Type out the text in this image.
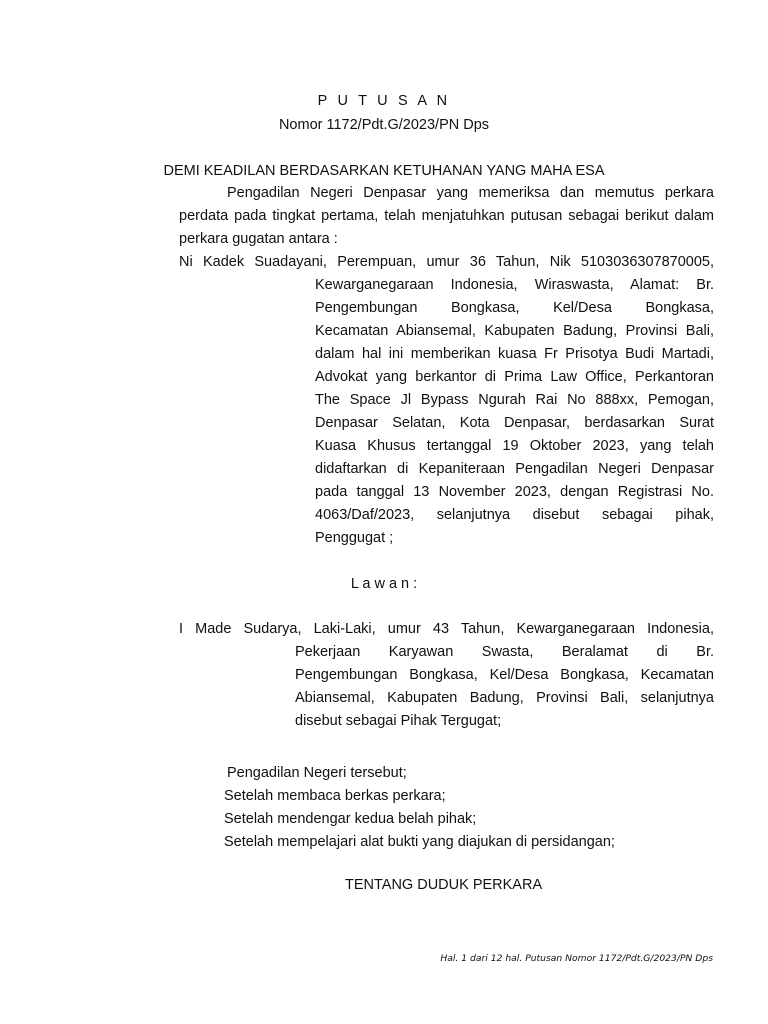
P U T U S A N
Nomor 1172/Pdt.G/2023/PN Dps
DEMI KEADILAN BERDASARKAN KETUHANAN YANG MAHA ESA
Pengadilan Negeri Denpasar yang memeriksa dan memutus perkara
perdata pada tingkat pertama, telah menjatuhkan putusan sebagai berikut dalam
perkara gugatan antara :
Ni Kadek Suadayani, Perempuan, umur 36 Tahun, Nik 5103036307870005,
Kewarganegaraan Indonesia, Wiraswasta, Alamat: Br.
Pengembungan Bongkasa, Kel/Desa Bongkasa,
Kecamatan Abiansemal, Kabupaten Badung, Provinsi Bali,
dalam hal ini memberikan kuasa Fr Prisotya Budi Martadi,
Advokat yang berkantor di Prima Law Office, Perkantoran
The Space Jl Bypass Ngurah Rai No 888xx, Pemogan,
Denpasar Selatan, Kota Denpasar, berdasarkan Surat
Kuasa Khusus tertanggal 19 Oktober 2023, yang telah
didaftarkan di Kepaniteraan Pengadilan Negeri Denpasar
pada tanggal 13 November 2023, dengan Registrasi No.
4063/Daf/2023, selanjutnya disebut sebagai pihak,
Penggugat ;
L a w a n :
I Made Sudarya, Laki-Laki, umur 43 Tahun, Kewarganegaraan Indonesia,
Pekerjaan Karyawan Swasta, Beralamat di Br.
Pengembungan Bongkasa, Kel/Desa Bongkasa, Kecamatan
Abiansemal, Kabupaten Badung, Provinsi Bali, selanjutnya
disebut sebagai Pihak Tergugat;
Pengadilan Negeri tersebut;
Setelah membaca berkas perkara;
Setelah mendengar kedua belah pihak;
Setelah mempelajari alat bukti yang diajukan di persidangan;
TENTANG DUDUK PERKARA
Hal. 1 dari 12 hal. Putusan Nomor 1172/Pdt.G/2023/PN Dps
